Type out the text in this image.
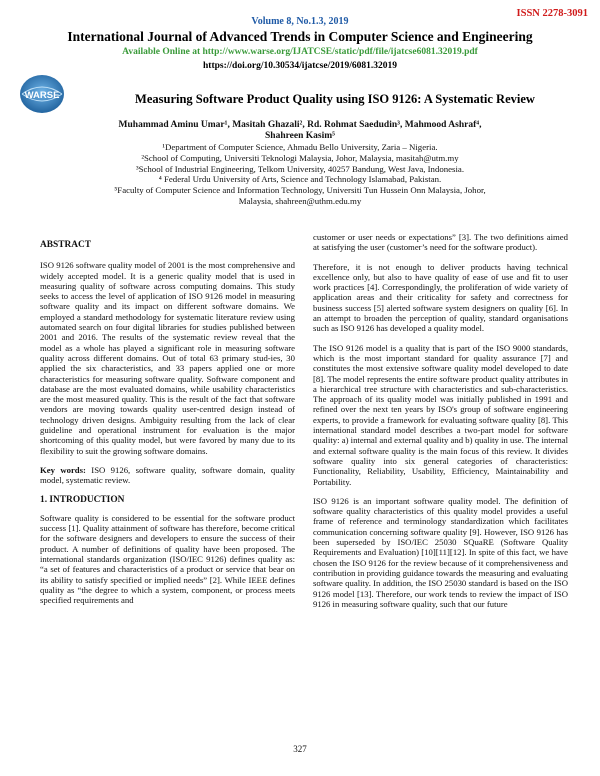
ISSN 2278-3091
Volume 8, No.1.3, 2019
International Journal of Advanced Trends in Computer Science and Engineering
Available Online at http://www.warse.org/IJATCSE/static/pdf/file/ijatcse6081.32019.pdf
https://doi.org/10.30534/ijatcse/2019/6081.32019
WARSE	Measuring Software Product Quality using ISO 9126: A Systematic Review
Muhammad Aminu Umar¹, Masitah Ghazali², Rd. Rohmat Saedudin³, Mahmood Ashraf⁴,
Shahreen Kasim⁵
¹Department of Computer Science, Ahmadu Bello University, Zaria – Nigeria.
²School of Computing, Universiti Teknologi Malaysia, Johor, Malaysia, masitah@utm.my
³School of Industrial Engineering, Telkom University, 40257 Bandung, West Java, Indonesia.
⁴ Federal Urdu University of Arts, Science and Technology Islamabad, Pakistan.
⁵Faculty of Computer Science and Information Technology, Universiti Tun Hussein Onn Malaysia, Johor,
Malaysia, shahreen@uthm.edu.my
ABSTRACT

ISO 9126 software quality model of 2001 is the most comprehensive and widely accepted model. It is a generic quality model that is used in measuring quality of software across computing domains. This study seeks to access the level of application of ISO 9126 model in measuring software quality and its impact on different software domains. We employed a standard methodology for systematic literature review using automated search on four digital libraries for studies published between 2001 and 2016. The results of the systematic review reveal that the model as a whole has played a significant role in measuring software quality across different domains. Out of total 63 primary stud-ies, 30 applied the six characteristics, and 33 papers applied one or more characteristics for measuring software quality. Software component and database are the most evaluated domains, while usability characteristics are the most measured quality. This is the result of the fact that software vendors are moving towards quality user-centred design instead of technology driven designs. Ambiguity resulting from the lack of clear guideline and operational instrument for evaluation is the major shortcoming of this quality model, but were favored by many due to its flexibility to suit the growing software domains.

Key words: ISO 9126, software quality, software domain, quality model, systematic review.

1. INTRODUCTION

Software quality is considered to be essential for the software product success [1]. Quality attainment of software has therefore, become critical for the software designers and developers to ensure the success of their product. A number of definitions of quality have been proposed. The international standards organization (ISO/IEC 9126) defines quality as: “a set of features and characteristics of a product or service that bear on its ability to satisfy specified or implied needs” [2]. While IEEE defines quality as “the degree to which a system, component, or process meets specified requirements and

customer or user needs or expectations” [3]. The two definitions aimed at satisfying the user (customer’s need for the software product).

Therefore, it is not enough to deliver products having technical excellence only, but also to have quality of ease of use and fit to user work practices [4]. Correspondingly, the proliferation of wide variety of application areas and their criticality for safety and correctness for business success [5] alerted software system designers on quality [6]. In an attempt to broaden the perception of quality, standard organisations such as ISO 9126 has developed a quality model.

The ISO 9126 model is a quality that is part of the ISO 9000 standards, which is the most important standard for quality assurance [7] and constitutes the most extensive software quality model developed to date [8]. The model represents the entire software product quality attributes in a hierarchical tree structure with characteristics and sub-characteristics. The approach of its quality model was initially published in 1991 and refined over the next ten years by ISO's group of software engineering experts, to provide a framework for evaluating software quality [8]. This international standard model describes a two-part model for software quality: a) internal and external quality and b) quality in use. The internal and external software quality is the main focus of this review. It divides software quality into six general categories of characteristics: Functionality, Reliability, Usability, Efficiency, Maintainability and Portability.

ISO 9126 is an important software quality model. The definition of software quality characteristics of this quality model provides a useful frame of reference and terminology standardization which facilitates communication concerning software quality [9]. However, ISO 9126 has been superseded by ISO/IEC 25030 SQuaRE (Software Quality Requirements and Evaluation) [10][11][12]. In spite of this fact, we have chosen the ISO 9126 for the review because of it comprehensiveness and contribution in providing guidance towards the measuring and evaluating software quality. In addition, the ISO 25030 standard is based on the ISO 9126 model [13]. Therefore, our work tends to review the impact of ISO 9126 in measuring software quality, such that our future

327
